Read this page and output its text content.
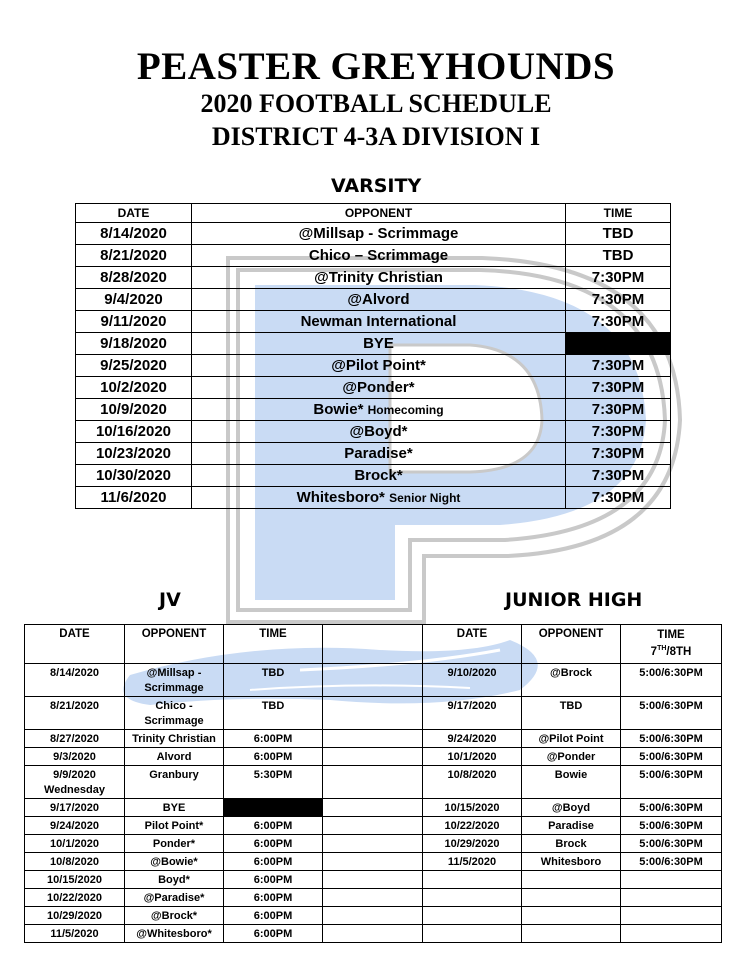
PEASTER GREYHOUNDS
2020 FOOTBALL SCHEDULE
DISTRICT 4-3A DIVISION I
VARSITY
DATE	OPPONENT	TIME
8/14/2020	@Millsap - Scrimmage	TBD
8/21/2020	Chico – Scrimmage	TBD
8/28/2020	@Trinity Christian	7:30PM
9/4/2020	@Alvord	7:30PM
9/11/2020	Newman International	7:30PM
9/18/2020	BYE	
9/25/2020	@Pilot Point*	7:30PM
10/2/2020	@Ponder*	7:30PM
10/9/2020	Bowie* Homecoming	7:30PM
10/16/2020	@Boyd*	7:30PM
10/23/2020	Paradise*	7:30PM
10/30/2020	Brock*	7:30PM
11/6/2020	Whitesboro* Senior Night	7:30PM
JV	JUNIOR HIGH
DATE	OPPONENT	TIME		DATE	OPPONENT	TIME
7TH/8TH
8/14/2020	@Millsap - Scrimmage	TBD		9/10/2020	@Brock	5:00/6:30PM
8/21/2020	Chico - Scrimmage	TBD		9/17/2020	TBD	5:00/6:30PM
8/27/2020	Trinity Christian	6:00PM		9/24/2020	@Pilot Point	5:00/6:30PM
9/3/2020	Alvord	6:00PM		10/1/2020	@Ponder	5:00/6:30PM
9/9/2020 Wednesday	Granbury	5:30PM		10/8/2020	Bowie	5:00/6:30PM
9/17/2020	BYE			10/15/2020	@Boyd	5:00/6:30PM
9/24/2020	Pilot Point*	6:00PM		10/22/2020	Paradise	5:00/6:30PM
10/1/2020	Ponder*	6:00PM		10/29/2020	Brock	5:00/6:30PM
10/8/2020	@Bowie*	6:00PM		11/5/2020	Whitesboro	5:00/6:30PM
10/15/2020	Boyd*	6:00PM				
10/22/2020	@Paradise*	6:00PM				
10/29/2020	@Brock*	6:00PM				
11/5/2020	@Whitesboro*	6:00PM				
